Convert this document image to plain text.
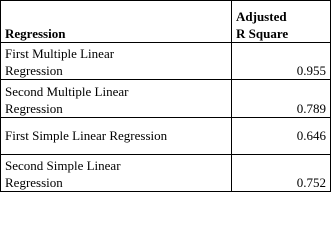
Regression	Adjusted
R Square
First Multiple Linear
Regression	0.955
Second Multiple Linear
Regression	0.789
First Simple Linear Regression	0.646
Second Simple Linear
Regression	0.752
